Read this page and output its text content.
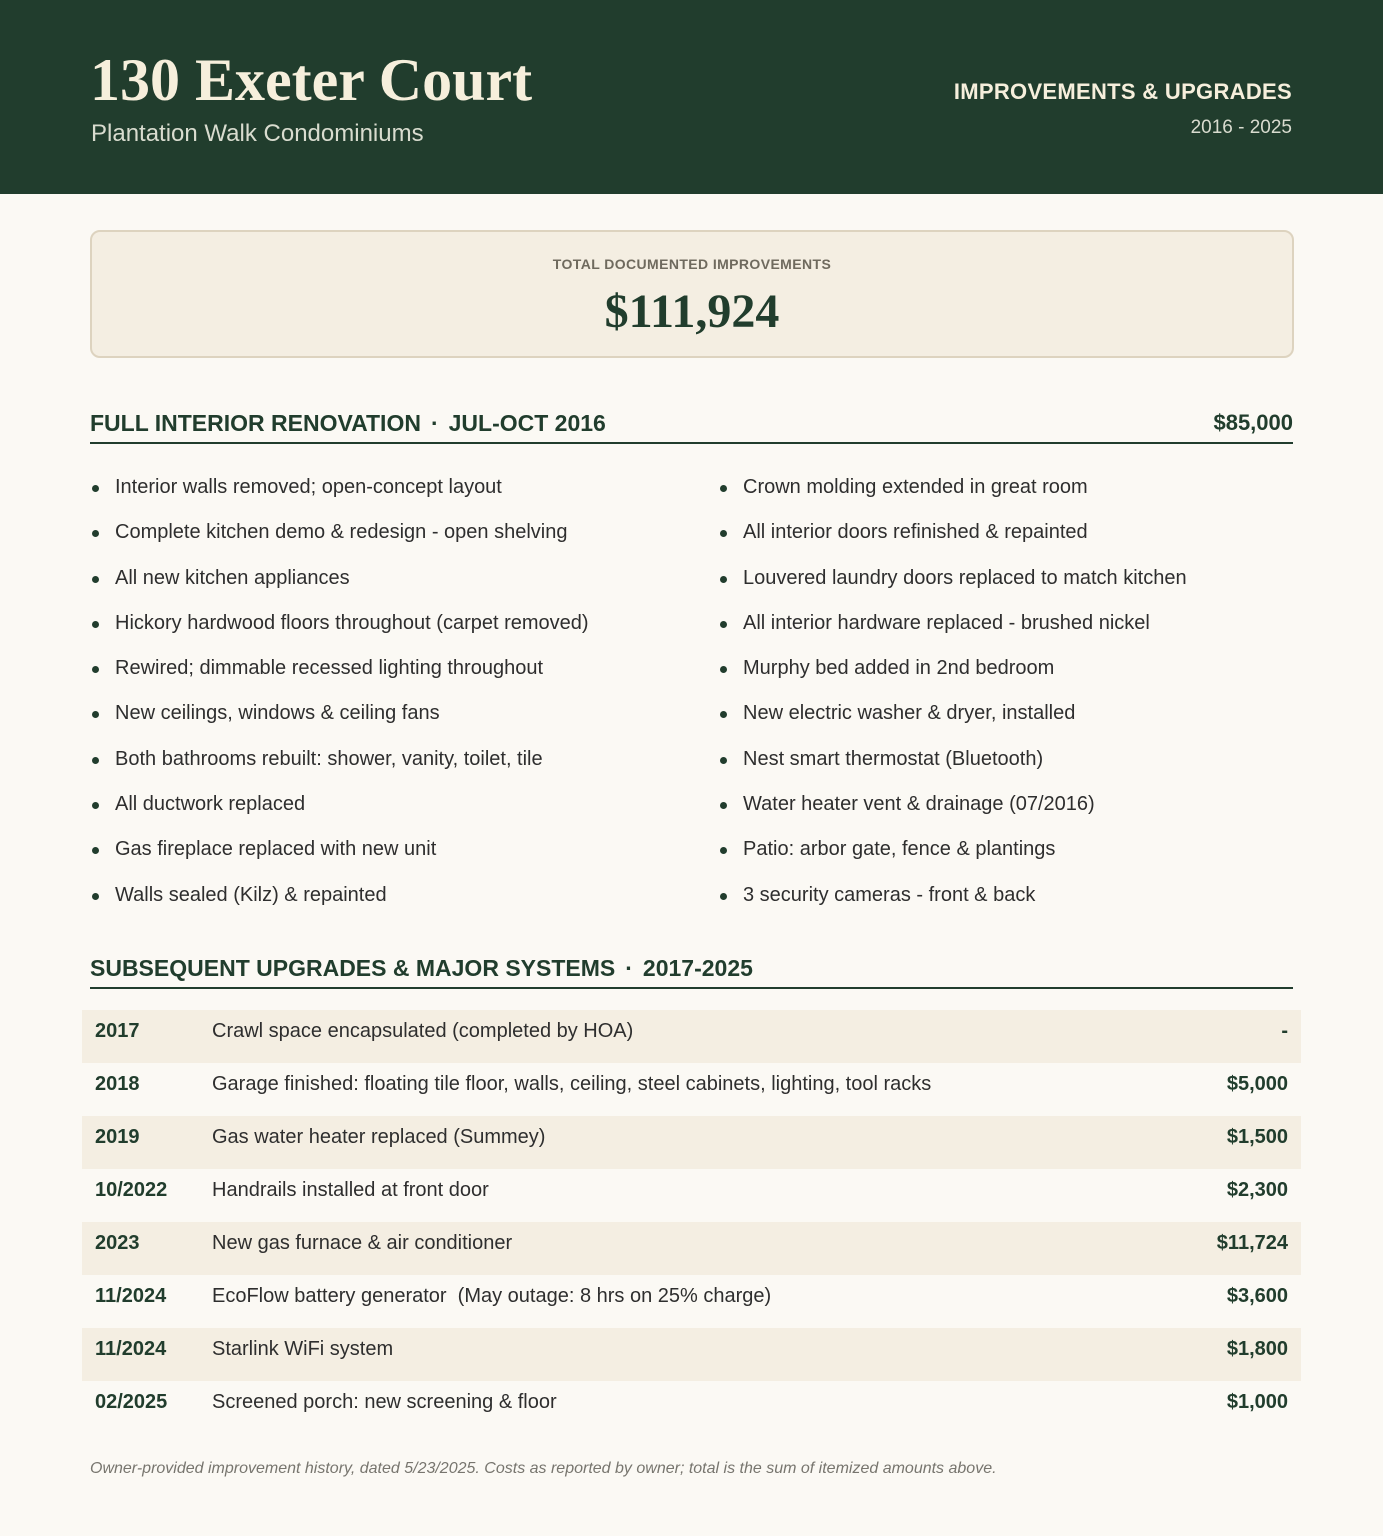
130 Exeter Court
Plantation Walk Condominiums
IMPROVEMENTS & UPGRADES
2016 - 2025
TOTAL DOCUMENTED IMPROVEMENTS
$111,924
FULL INTERIOR RENOVATION · JUL-OCT 2016	$85,000
Interior walls removed; open-concept layout
Complete kitchen demo & redesign - open shelving
All new kitchen appliances
Hickory hardwood floors throughout (carpet removed)
Rewired; dimmable recessed lighting throughout
New ceilings, windows & ceiling fans
Both bathrooms rebuilt: shower, vanity, toilet, tile
All ductwork replaced
Gas fireplace replaced with new unit
Walls sealed (Kilz) & repainted
Crown molding extended in great room
All interior doors refinished & repainted
Louvered laundry doors replaced to match kitchen
All interior hardware replaced - brushed nickel
Murphy bed added in 2nd bedroom
New electric washer & dryer, installed
Nest smart thermostat (Bluetooth)
Water heater vent & drainage (07/2016)
Patio: arbor gate, fence & plantings
3 security cameras - front & back
SUBSEQUENT UPGRADES & MAJOR SYSTEMS · 2017-2025
2017	Crawl space encapsulated (completed by HOA)	-
2018	Garage finished: floating tile floor, walls, ceiling, steel cabinets, lighting, tool racks	$5,000
2019	Gas water heater replaced (Summey)	$1,500
10/2022 Handrails installed at front door	$2,300
2023	New gas furnace & air conditioner	$11,724
11/2024 EcoFlow battery generator  (May outage: 8 hrs on 25% charge)	$3,600
11/2024 Starlink WiFi system	$1,800
02/2025 Screened porch: new screening & floor	$1,000
Owner-provided improvement history, dated 5/23/2025. Costs as reported by owner; total is the sum of itemized amounts above.
